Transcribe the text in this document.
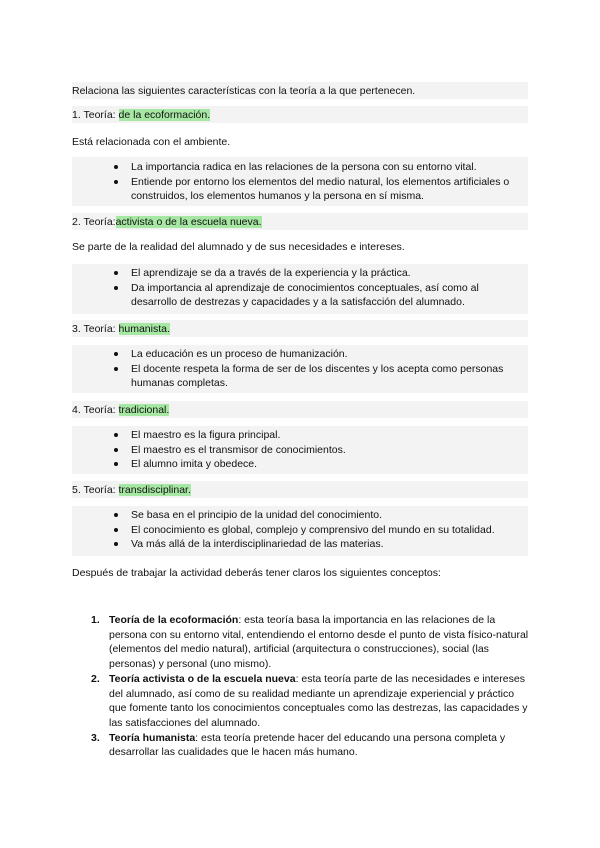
Relaciona las siguientes características con la teoría a la que pertenecen.
1. Teoría: de la ecoformación.
Está relacionada con el ambiente.
La importancia radica en las relaciones de la persona con su entorno vital.
Entiende por entorno los elementos del medio natural, los elementos artificiales o construidos, los elementos humanos y la persona en sí misma.
2. Teoría:activista o de la escuela nueva.
Se parte de la realidad del alumnado y de sus necesidades e intereses.
El aprendizaje se da a través de la experiencia y la práctica.
Da importancia al aprendizaje de conocimientos conceptuales, así como al desarrollo de destrezas y capacidades y a la satisfacción del alumnado.
3. Teoría: humanista.
La educación es un proceso de humanización.
El docente respeta la forma de ser de los discentes y los acepta como personas humanas completas.
4. Teoría: tradicional.
El maestro es la figura principal.
El maestro es el transmisor de conocimientos.
El alumno imita y obedece.
5. Teoría: transdisciplinar.
Se basa en el principio de la unidad del conocimiento.
El conocimiento es global, complejo y comprensivo del mundo en su totalidad.
Va más allá de la interdisciplinariedad de las materias.
Después de trabajar la actividad deberás tener claros los siguientes conceptos:
1. Teoría de la ecoformación: esta teoría basa la importancia en las relaciones de la persona con su entorno vital, entendiendo el entorno desde el punto de vista físico-natural (elementos del medio natural), artificial (arquitectura o construcciones), social (las personas) y personal (uno mismo).
2. Teoría activista o de la escuela nueva: esta teoría parte de las necesidades e intereses del alumnado, así como de su realidad mediante un aprendizaje experiencial y práctico que fomente tanto los conocimientos conceptuales como las destrezas, las capacidades y las satisfacciones del alumnado.
3. Teoría humanista: esta teoría pretende hacer del educando una persona completa y desarrollar las cualidades que le hacen más humano.
